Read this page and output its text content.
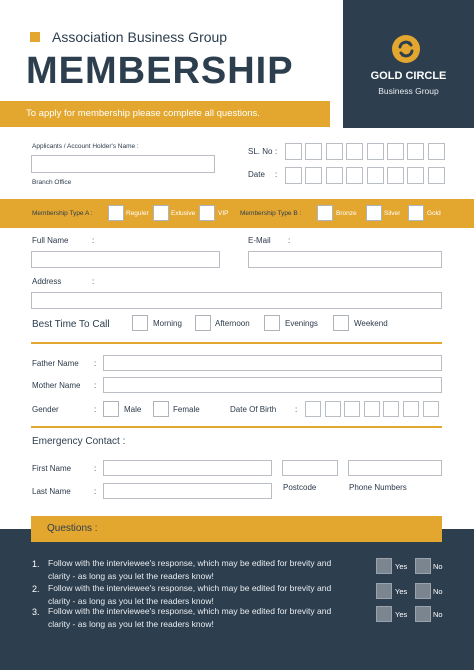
Association Business Group
MEMBERSHIP	GOLD CIRCLE
Business Group
To apply for membership please complete all questions.
Applicants / Account Holder's Name :
Branch Office
SL. No :
Date :
Membership Type A :	Reguler	Exlusive	VIP Membership Type B :	Bronze	Silver	Gold
Full Name	:	E-Mail :
Address	:
Best Time To Call	Morning	Afternoon	Evenings	Weekend
Father Name :
Mother Name :
Gender	:	Male	Female	Date Of Birth :
Emergency Contact :
First Name	:
Last Name	:	Postcode	Phone Numbers
Questions :
1. Follow with the interviewee's response, which may be edited for brevity and clarity - as long as you let the readers know!
Yes	No
2. Follow with the interviewee's response, which may be edited for brevity and clarity - as long as you let the readers know!
Yes	No
3. Follow with the interviewee's response, which may be edited for brevity and clarity - as long as you let the readers know!
Yes	No
